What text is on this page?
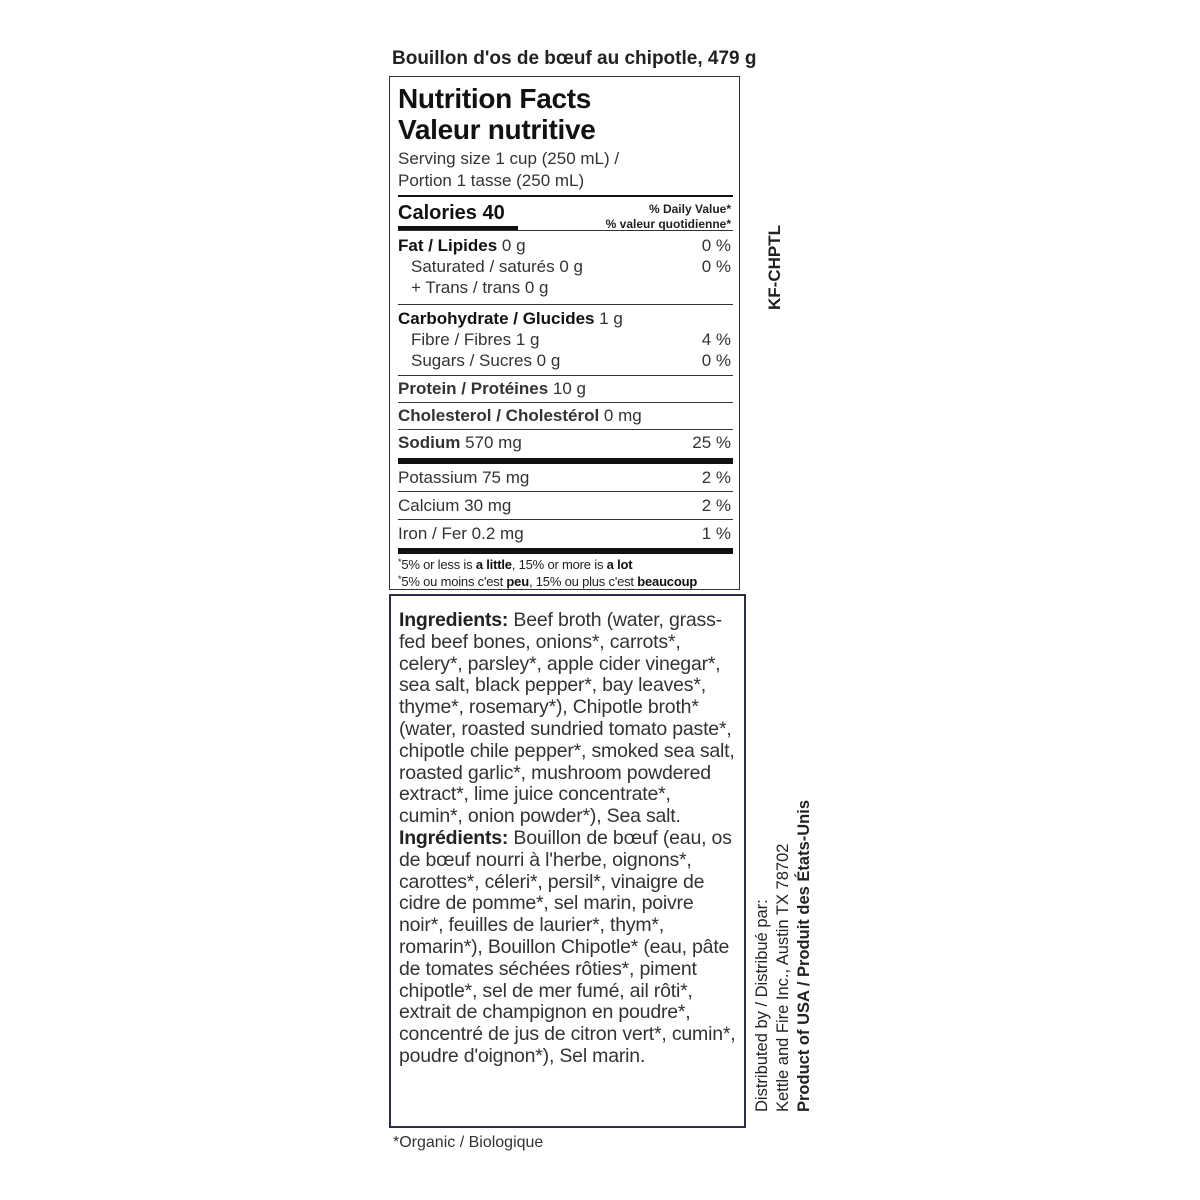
Bouillon d'os de bœuf au chipotle, 479 g
Nutrition Facts
Valeur nutritive
Serving size 1 cup (250 mL) /
Portion 1 tasse (250 mL)
Calories 40	% Daily Value*
% valeur quotidienne*
Fat / Lipides 0 g	0 %
Saturated / saturés 0 g	0 %
+ Trans / trans 0 g
Carbohydrate / Glucides 1 g
Fibre / Fibres 1 g	4 %
Sugars / Sucres 0 g	0 %
Protein / Protéines 10 g
Cholesterol / Cholestérol 0 mg
Sodium 570 mg	25 %
Potassium 75 mg	2 %
Calcium 30 mg	2 %
Iron / Fer 0.2 mg	1 %
*5% or less is a little, 15% or more is a lot
*5% ou moins c'est peu, 15% ou plus c'est beaucoup
KF-CHPTL
Ingredients: Beef broth (water, grass-fed beef bones, onions*, carrots*, celery*, parsley*, apple cider vinegar*, sea salt, black pepper*, bay leaves*, thyme*, rosemary*), Chipotle broth* (water, roasted sundried tomato paste*, chipotle chile pepper*, smoked sea salt, roasted garlic*, mushroom powdered extract*, lime juice concentrate*, cumin*, onion powder*), Sea salt. Ingrédients: Bouillon de bœuf (eau, os de bœuf nourri à l'herbe, oignons*, carottes*, céleri*, persil*, vinaigre de cidre de pomme*, sel marin, poivre noir*, feuilles de laurier*, thym*, romarin*), Bouillon Chipotle* (eau, pâte de tomates séchées rôties*, piment chipotle*, sel de mer fumé, ail rôti*, extrait de champignon en poudre*, concentré de jus de citron vert*, cumin*, poudre d'oignon*), Sel marin.	Distributed by / Distribué par: Kettle and Fire Inc., Austin TX 78702 Product of USA / Produit des États-Unis
*Organic / Biologique
